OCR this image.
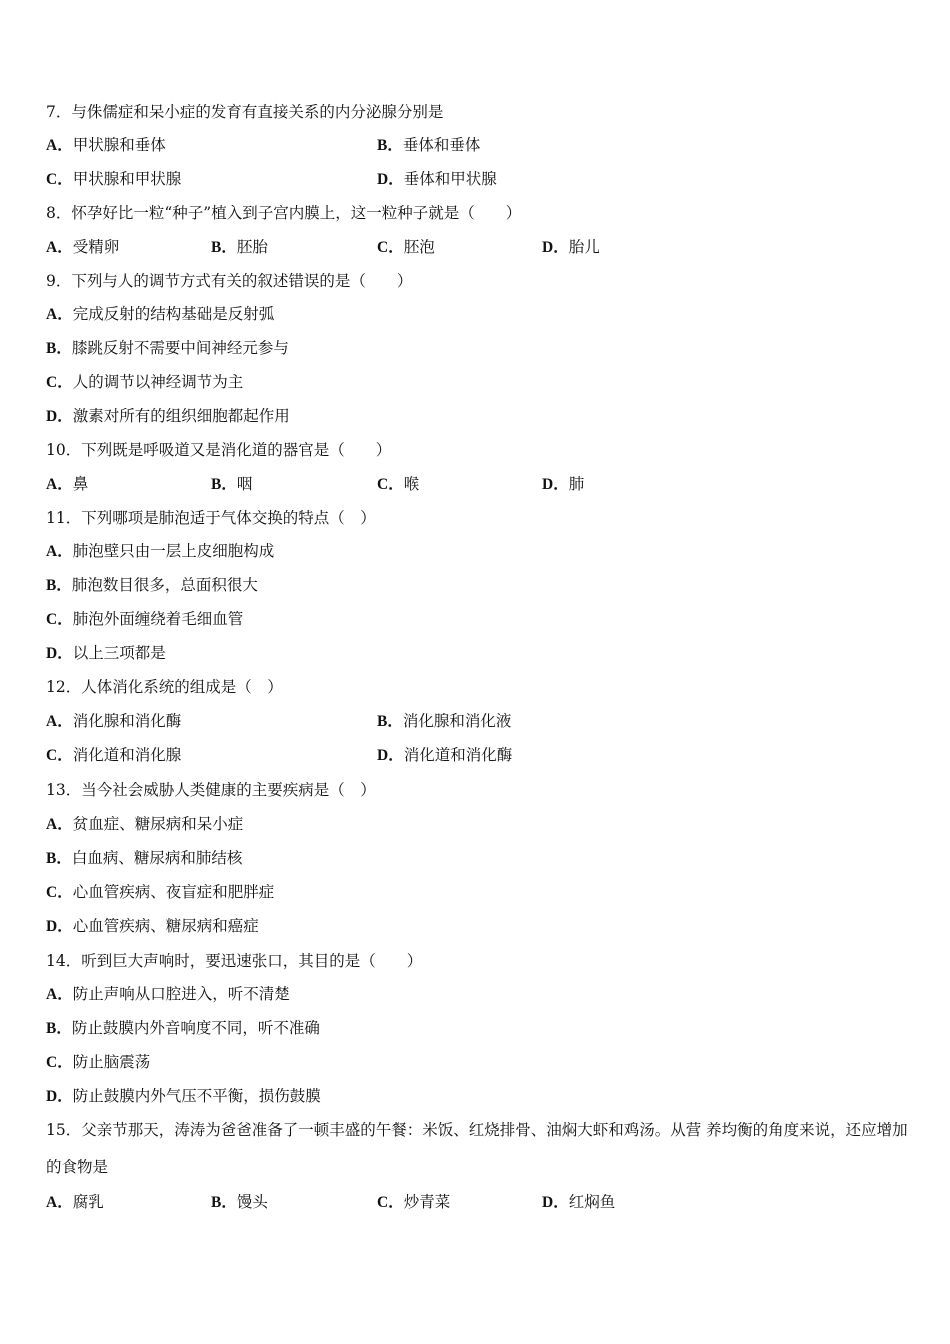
7．与侏儒症和呆小症的发育有直接关系的内分泌腺分别是
A．甲状腺和垂体	B．垂体和垂体
C．甲状腺和甲状腺	D．垂体和甲状腺
8．怀孕好比一粒“种子”植入到子宫内膜上，这一粒种子就是（　　）
A．受精卵	B．胚胎	C．胚泡	D．胎儿
9．下列与人的调节方式有关的叙述错误的是（　　）
A．完成反射的结构基础是反射弧
B．膝跳反射不需要中间神经元参与
C．人的调节以神经调节为主
D．激素对所有的组织细胞都起作用
10．下列既是呼吸道又是消化道的器官是（　　）
A．鼻	B．咽	C．喉	D．肺
11．下列哪项是肺泡适于气体交换的特点（　）
A．肺泡壁只由一层上皮细胞构成
B．肺泡数目很多，总面积很大
C．肺泡外面缠绕着毛细血管
D．以上三项都是
12．人体消化系统的组成是（　）
A．消化腺和消化酶	B．消化腺和消化液
C．消化道和消化腺	D．消化道和消化酶
13．当今社会威胁人类健康的主要疾病是（　）
A．贫血症、糖尿病和呆小症
B．白血病、糖尿病和肺结核
C．心血管疾病、夜盲症和肥胖症
D．心血管疾病、糖尿病和癌症
14．听到巨大声响时，要迅速张口，其目的是（　　）
A．防止声响从口腔进入，听不清楚
B．防止鼓膜内外音响度不同，听不准确
C．防止脑震荡
D．防止鼓膜内外气压不平衡，损伤鼓膜
15．父亲节那天，涛涛为爸爸准备了一顿丰盛的午餐：米饭、红烧排骨、油焖大虾和鸡汤。从营 养均衡的角度来说，还应增加的食物是
A．腐乳	B．馒头	C．炒青菜	D．红焖鱼
